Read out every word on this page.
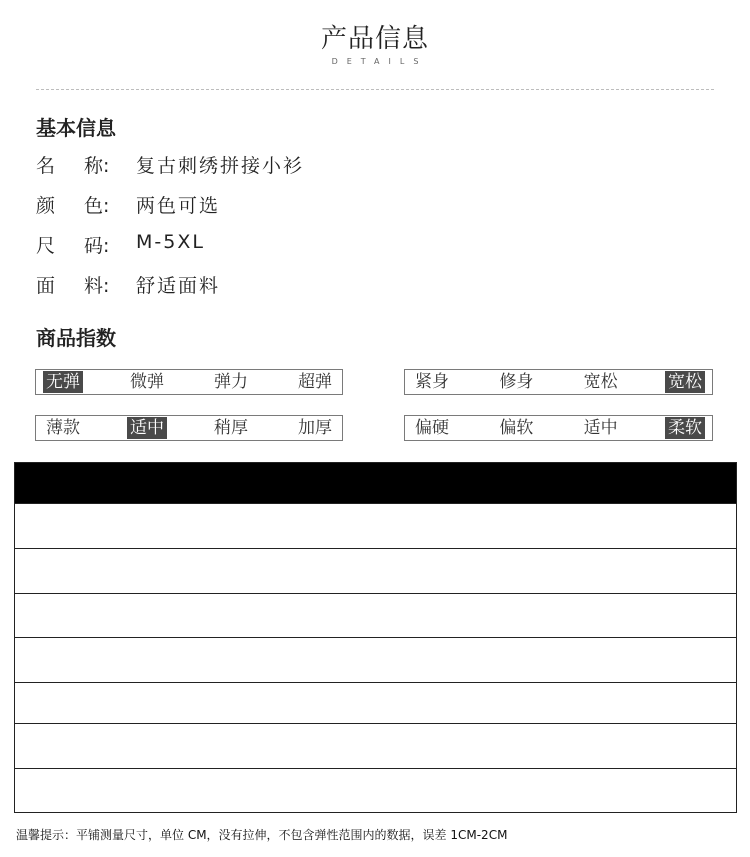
产品信息
DETAILS
基本信息
名 称: 复古刺绣拼接小衫
颜 色: 两色可选
尺 码: M-5XL
面 料: 舒适面料
商品指数
无弹	微弹	弹力	超弹	紧身	修身	宽松	宽松
薄款	适中	稍厚	加厚	偏硬	偏软	适中	柔软
温馨提示：平铺测量尺寸，单位 CM，没有拉伸，不包含弹性范围内的数据，误差 1CM-2CM
